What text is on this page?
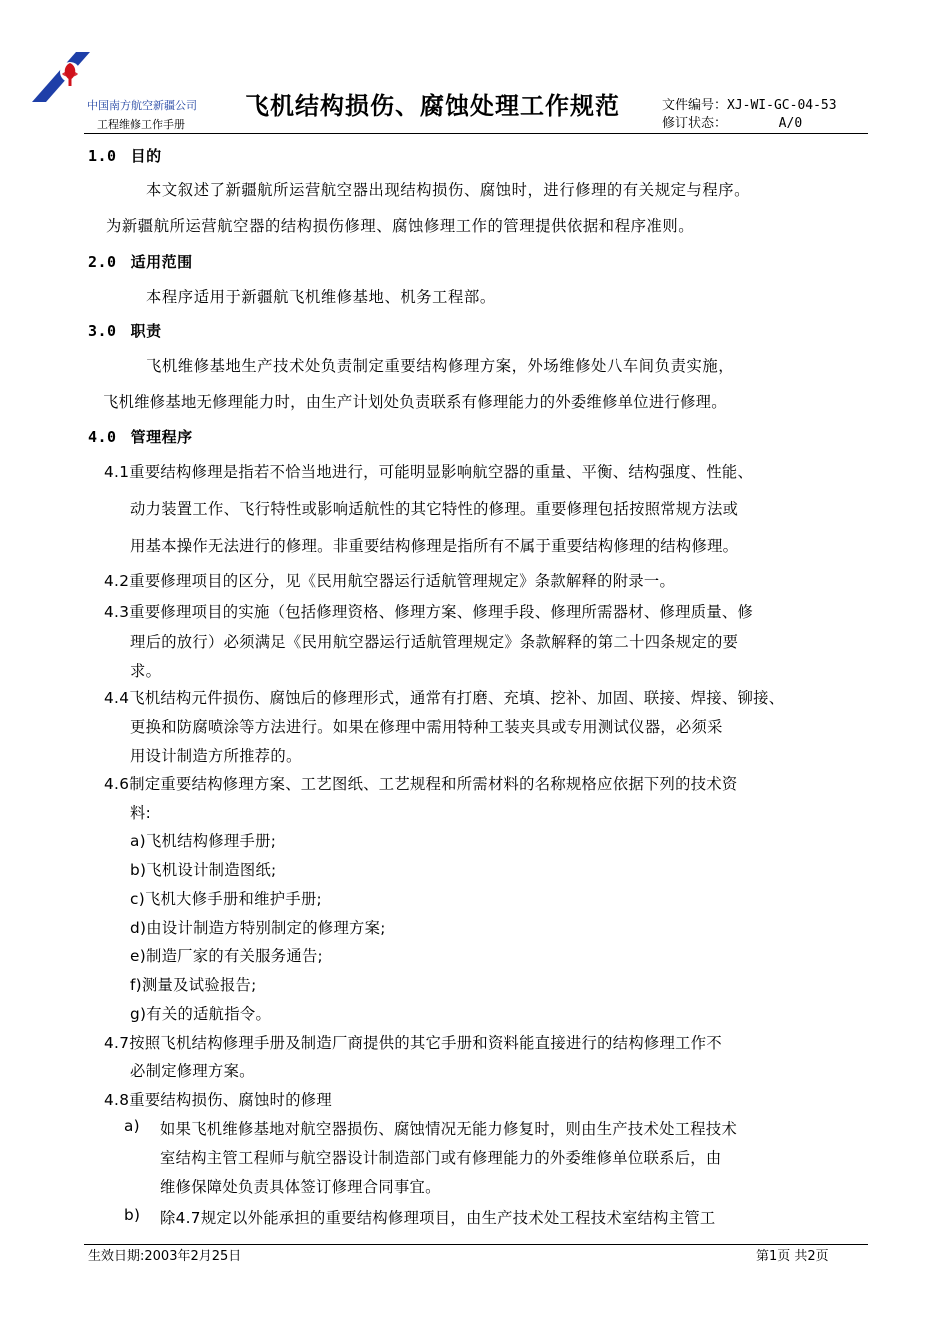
中国南方航空新疆公司
工程维修工作手册
飞机结构损伤、腐蚀处理工作规范	文件编号：XJ-WI-GC-04-53
修订状态：	A/0
1.0 目的
本文叙述了新疆航所运营航空器出现结构损伤、腐蚀时，进行修理的有关规定与程序。
为新疆航所运营航空器的结构损伤修理、腐蚀修理工作的管理提供依据和程序准则。
2.0 适用范围
本程序适用于新疆航飞机维修基地、机务工程部。
3.0 职责
飞机维修基地生产技术处负责制定重要结构修理方案，外场维修处八车间负责实施，
飞机维修基地无修理能力时，由生产计划处负责联系有修理能力的外委维修单位进行修理。
4.0 管理程序
4.1重要结构修理是指若不恰当地进行，可能明显影响航空器的重量、平衡、结构强度、性能、
动力装置工作、飞行特性或影响适航性的其它特性的修理。重要修理包括按照常规方法或
用基本操作无法进行的修理。非重要结构修理是指所有不属于重要结构修理的结构修理。
4.2重要修理项目的区分，见《民用航空器运行适航管理规定》条款解释的附录一。
4.3重要修理项目的实施（包括修理资格、修理方案、修理手段、修理所需器材、修理质量、修
理后的放行）必须满足《民用航空器运行适航管理规定》条款解释的第二十四条规定的要
求。
4.4飞机结构元件损伤、腐蚀后的修理形式，通常有打磨、充填、挖补、加固、联接、焊接、铆接、
更换和防腐喷涂等方法进行。如果在修理中需用特种工装夹具或专用测试仪器，必须采
用设计制造方所推荐的。
4.6制定重要结构修理方案、工艺图纸、工艺规程和所需材料的名称规格应依据下列的技术资
料:
a)飞机结构修理手册;
b)飞机设计制造图纸;
c)飞机大修手册和维护手册;
d)由设计制造方特别制定的修理方案;
e)制造厂家的有关服务通告;
f)测量及试验报告;
g)有关的适航指令。
4.7按照飞机结构修理手册及制造厂商提供的其它手册和资料能直接进行的结构修理工作不
必制定修理方案。
4.8重要结构损伤、腐蚀时的修理
a) 如果飞机维修基地对航空器损伤、腐蚀情况无能力修复时，则由生产技术处工程技术
室结构主管工程师与航空器设计制造部门或有修理能力的外委维修单位联系后，由
维修保障处负责具体签订修理合同事宜。
b) 除4.7规定以外能承担的重要结构修理项目，由生产技术处工程技术室结构主管工
生效日期:2003年2月25日	第1页 共2页
